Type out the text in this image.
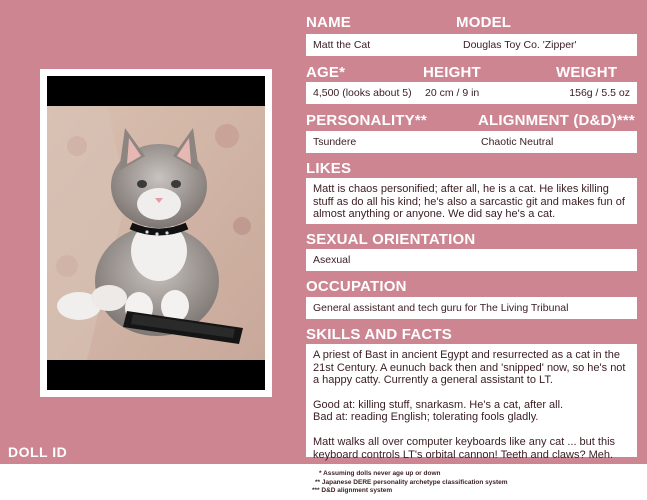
NAME	MODEL
Matt the Cat	Douglas Toy Co. 'Zipper'
AGE*	HEIGHT	WEIGHT
4,500 (looks about 5)	20 cm / 9 in	156g / 5.5 oz
PERSONALITY**	ALIGNMENT (D&D)***
Tsundere	Chaotic Neutral
LIKES
Matt is chaos personified; after all, he is a cat. He likes killing stuff as do all his kind; he's also a sarcastic git and makes fun of almost anything or anyone. We did say he's a cat.
SEXUAL ORIENTATION
Asexual
OCCUPATION
General assistant and tech guru for The Living Tribunal
SKILLS AND FACTS
A priest of Bast in ancient Egypt and resurrected as a cat in the 21st Century. A eunuch back then and 'snipped' now, so he's not a happy catty. Currently a general assistant to LT.
Good at: killing stuff, snarkasm. He's a cat, after all.
Bad at: reading English; tolerating fools gladly.
Matt walks all over computer keyboards like any cat ... but this keyboard controls LT's orbital cannon! Teeth and claws? Meh.
DOLL ID
* Assuming dolls never age up or down
** Japanese DERE personality archetype classification system
*** D&D alignment system
